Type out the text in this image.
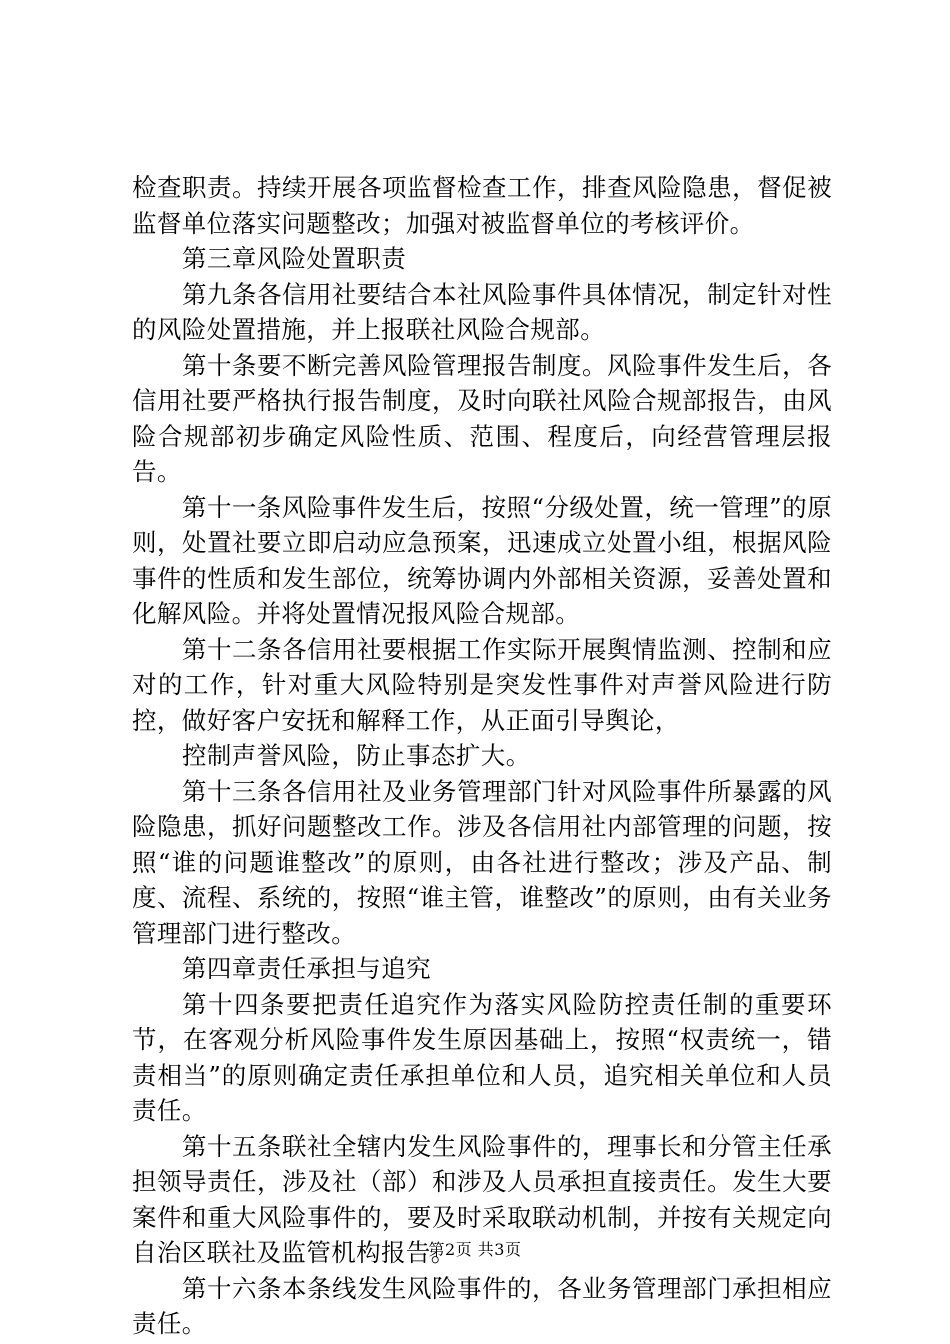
检查职责。持续开展各项监督检查工作，排查风险隐患，督促被监督单位落实问题整改；加强对被监督单位的考核评价。

第三章风险处置职责

第九条各信用社要结合本社风险事件具体情况，制定针对性的风险处置措施，并上报联社风险合规部。

第十条要不断完善风险管理报告制度。风险事件发生后，各信用社要严格执行报告制度，及时向联社风险合规部报告，由风险合规部初步确定风险性质、范围、程度后，向经营管理层报告。

第十一条风险事件发生后，按照“分级处置，统一管理”的原则，处置社要立即启动应急预案，迅速成立处置小组，根据风险事件的性质和发生部位，统筹协调内外部相关资源，妥善处置和化解风险。并将处置情况报风险合规部。

第十二条各信用社要根据工作实际开展舆情监测、控制和应对的工作，针对重大风险特别是突发性事件对声誉风险进行防控，做好客户安抚和解释工作，从正面引导舆论，

控制声誉风险，防止事态扩大。

第十三条各信用社及业务管理部门针对风险事件所暴露的风险隐患，抓好问题整改工作。涉及各信用社内部管理的问题，按照“谁的问题谁整改”的原则，由各社进行整改；涉及产品、制度、流程、系统的，按照“谁主管，谁整改”的原则，由有关业务管理部门进行整改。

第四章责任承担与追究

第十四条要把责任追究作为落实风险防控责任制的重要环节，在客观分析风险事件发生原因基础上，按照“权责统一，错责相当”的原则确定责任承担单位和人员，追究相关单位和人员责任。

第十五条联社全辖内发生风险事件的，理事长和分管主任承担领导责任，涉及社（部）和涉及人员承担直接责任。发生大要案件和重大风险事件的，要及时采取联动机制，并按有关规定向自治区联社及监管机构报告。

第十六条本条线发生风险事件的，各业务管理部门承担相应责任。

第2页 共3页
